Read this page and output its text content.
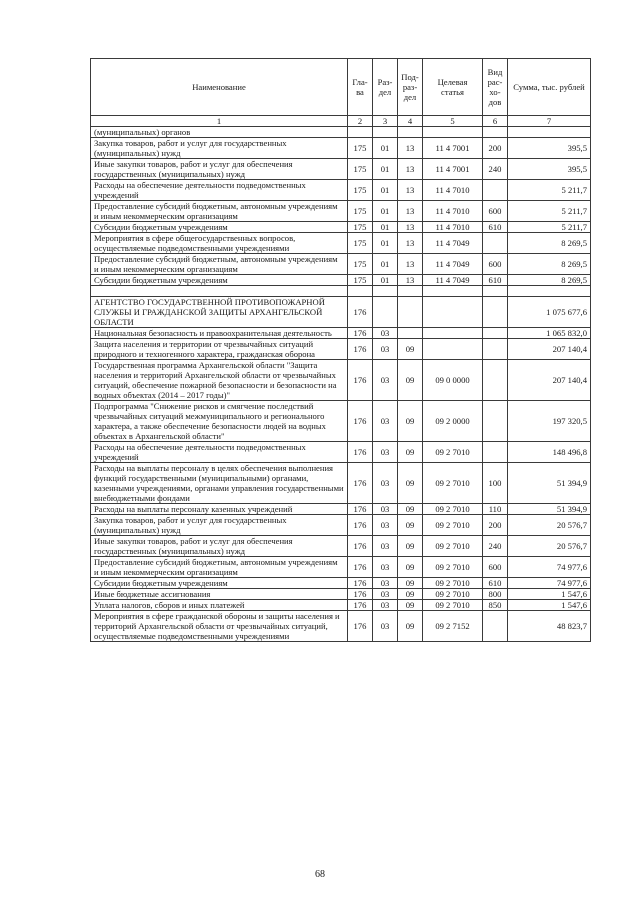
Наименование	Гла-ва	Раз-дел	Под-раз-дел	Целевая статья	Вид рас-хо-дов	Сумма, тыс. рублей
1	2	3	4	5	6	7
(муниципальных) органов						
Закупка товаров, работ и услуг для государственных (муниципальных) нужд	175	01	13	11 4 7001	200	395,5
Иные закупки товаров, работ и услуг для обеспечения государственных (муниципальных) нужд	175	01	13	11 4 7001	240	395,5
Расходы на обеспечение деятельности подведомственных учреждений	175	01	13	11 4 7010		5 211,7
Предоставление субсидий бюджетным, автономным учреждениям и иным некоммерческим организациям	175	01	13	11 4 7010	600	5 211,7
Субсидии бюджетным учреждениям	175	01	13	11 4 7010	610	5 211,7
Мероприятия в сфере общегосударственных вопросов, осуществляемые подведомственными учреждениями	175	01	13	11 4 7049		8 269,5
Предоставление субсидий бюджетным, автономным учреждениям и иным некоммерческим организациям	175	01	13	11 4 7049	600	8 269,5
Субсидии бюджетным учреждениям	175	01	13	11 4 7049	610	8 269,5

АГЕНТСТВО ГОСУДАРСТВЕННОЙ ПРОТИВОПОЖАРНОЙ СЛУЖБЫ И ГРАЖДАНСКОЙ ЗАЩИТЫ АРХАНГЕЛЬСКОЙ ОБЛАСТИ	176					1 075 677,6
Национальная безопасность и правоохранительная деятельность	176	03				1 065 832,0
Защита населения и территории от чрезвычайных ситуаций природного и техногенного характера, гражданская оборона	176	03	09			207 140,4
Государственная программа Архангельской области "Защита населения и территорий Архангельской области от чрезвычайных ситуаций, обеспечение пожарной безопасности и безопасности на водных объектах (2014 – 2017 годы)"	176	03	09	09 0 0000		207 140,4
Подпрограмма "Снижение рисков и смягчение последствий чрезвычайных ситуаций межмуниципального и регионального характера, а также обеспечение безопасности людей на водных объектах в Архангельской области"	176	03	09	09 2 0000		197 320,5
Расходы на обеспечение деятельности подведомственных учреждений	176	03	09	09 2 7010		148 496,8
Расходы на выплаты персоналу в целях обеспечения выполнения функций государственными (муниципальными) органами, казенными учреждениями, органами управления государственными внебюджетными фондами	176	03	09	09 2 7010	100	51 394,9
Расходы на выплаты персоналу казенных учреждений	176	03	09	09 2 7010	110	51 394,9
Закупка товаров, работ и услуг для государственных (муниципальных) нужд	176	03	09	09 2 7010	200	20 576,7
Иные закупки товаров, работ и услуг для обеспечения государственных (муниципальных) нужд	176	03	09	09 2 7010	240	20 576,7
Предоставление субсидий бюджетным, автономным учреждениям и иным некоммерческим организациям	176	03	09	09 2 7010	600	74 977,6
Субсидии бюджетным учреждениям	176	03	09	09 2 7010	610	74 977,6
Иные бюджетные ассигнования	176	03	09	09 2 7010	800	1 547,6
Уплата налогов, сборов и иных платежей	176	03	09	09 2 7010	850	1 547,6
Мероприятия в сфере гражданской обороны и защиты населения и территорий Архангельской области от чрезвычайных ситуаций, осуществляемые подведомственными учреждениями	176	03	09	09 2 7152		48 823,7
68
